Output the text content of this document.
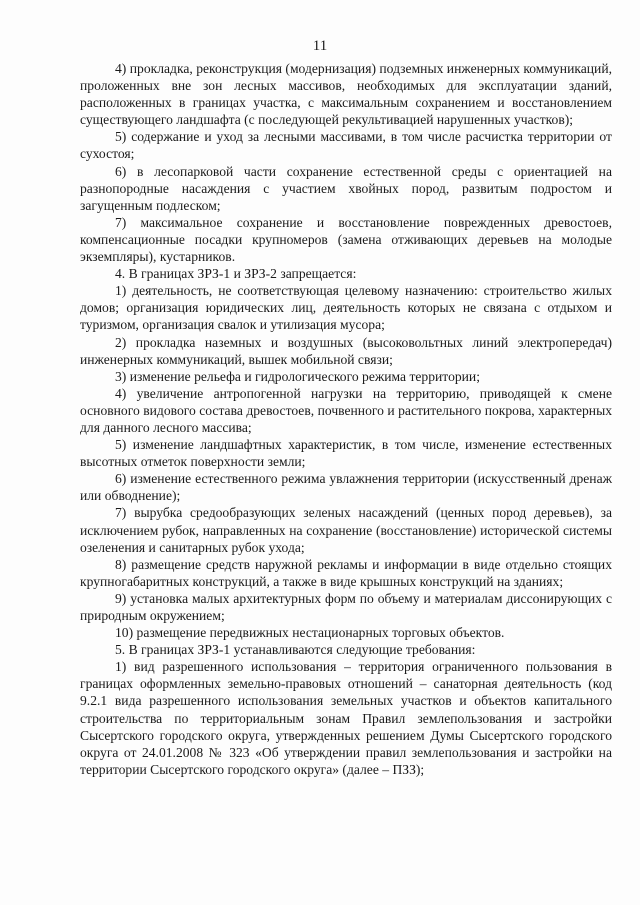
11

4) прокладка, реконструкция (модернизация) подземных инженерных коммуникаций, проложенных вне зон лесных массивов, необходимых для эксплуатации зданий, расположенных в границах участка, с максимальным сохранением и восстановлением существующего ландшафта (с последующей рекультивацией нарушенных участков);

5) содержание и уход за лесными массивами, в том числе расчистка территории от сухостоя;

6) в лесопарковой части сохранение естественной среды с ориентацией на разнопородные насаждения с участием хвойных пород, развитым подростом и загущенным подлеском;

7) максимальное сохранение и восстановление поврежденных древостоев, компенсационные посадки крупномеров (замена отживающих деревьев на молодые экземпляры), кустарников.

4. В границах ЗРЗ-1 и ЗРЗ-2 запрещается:

1) деятельность, не соответствующая целевому назначению: строительство жилых домов; организация юридических лиц, деятельность которых не связана с отдыхом и туризмом, организация свалок и утилизация мусора;

2) прокладка наземных и воздушных (высоковольтных линий электропередач) инженерных коммуникаций, вышек мобильной связи;

3) изменение рельефа и гидрологического режима территории;

4) увеличение антропогенной нагрузки на территорию, приводящей к смене основного видового состава древостоев, почвенного и растительного покрова, характерных для данного лесного массива;

5) изменение ландшафтных характеристик, в том числе, изменение естественных высотных отметок поверхности земли;

6) изменение естественного режима увлажнения территории (искусственный дренаж или обводнение);

7) вырубка средообразующих зеленых насаждений (ценных пород деревьев), за исключением рубок, направленных на сохранение (восстановление) исторической системы озеленения и санитарных рубок ухода;

8) размещение средств наружной рекламы и информации в виде отдельно стоящих крупногабаритных конструкций, а также в виде крышных конструкций на зданиях;

9) установка малых архитектурных форм по объему и материалам диссонирующих с природным окружением;

10) размещение передвижных нестационарных торговых объектов.

5. В границах ЗРЗ-1 устанавливаются следующие требования:

1) вид разрешенного использования – территория ограниченного пользования в границах оформленных земельно-правовых отношений – санаторная деятельность (код 9.2.1 вида разрешенного использования земельных участков и объектов капитального строительства по территориальным зонам Правил землепользования и застройки Сысертского городского округа, утвержденных решением Думы Сысертского городского округа от 24.01.2008 № 323 «Об утверждении правил землепользования и застройки на территории Сысертского городского округа» (далее – ПЗЗ);
